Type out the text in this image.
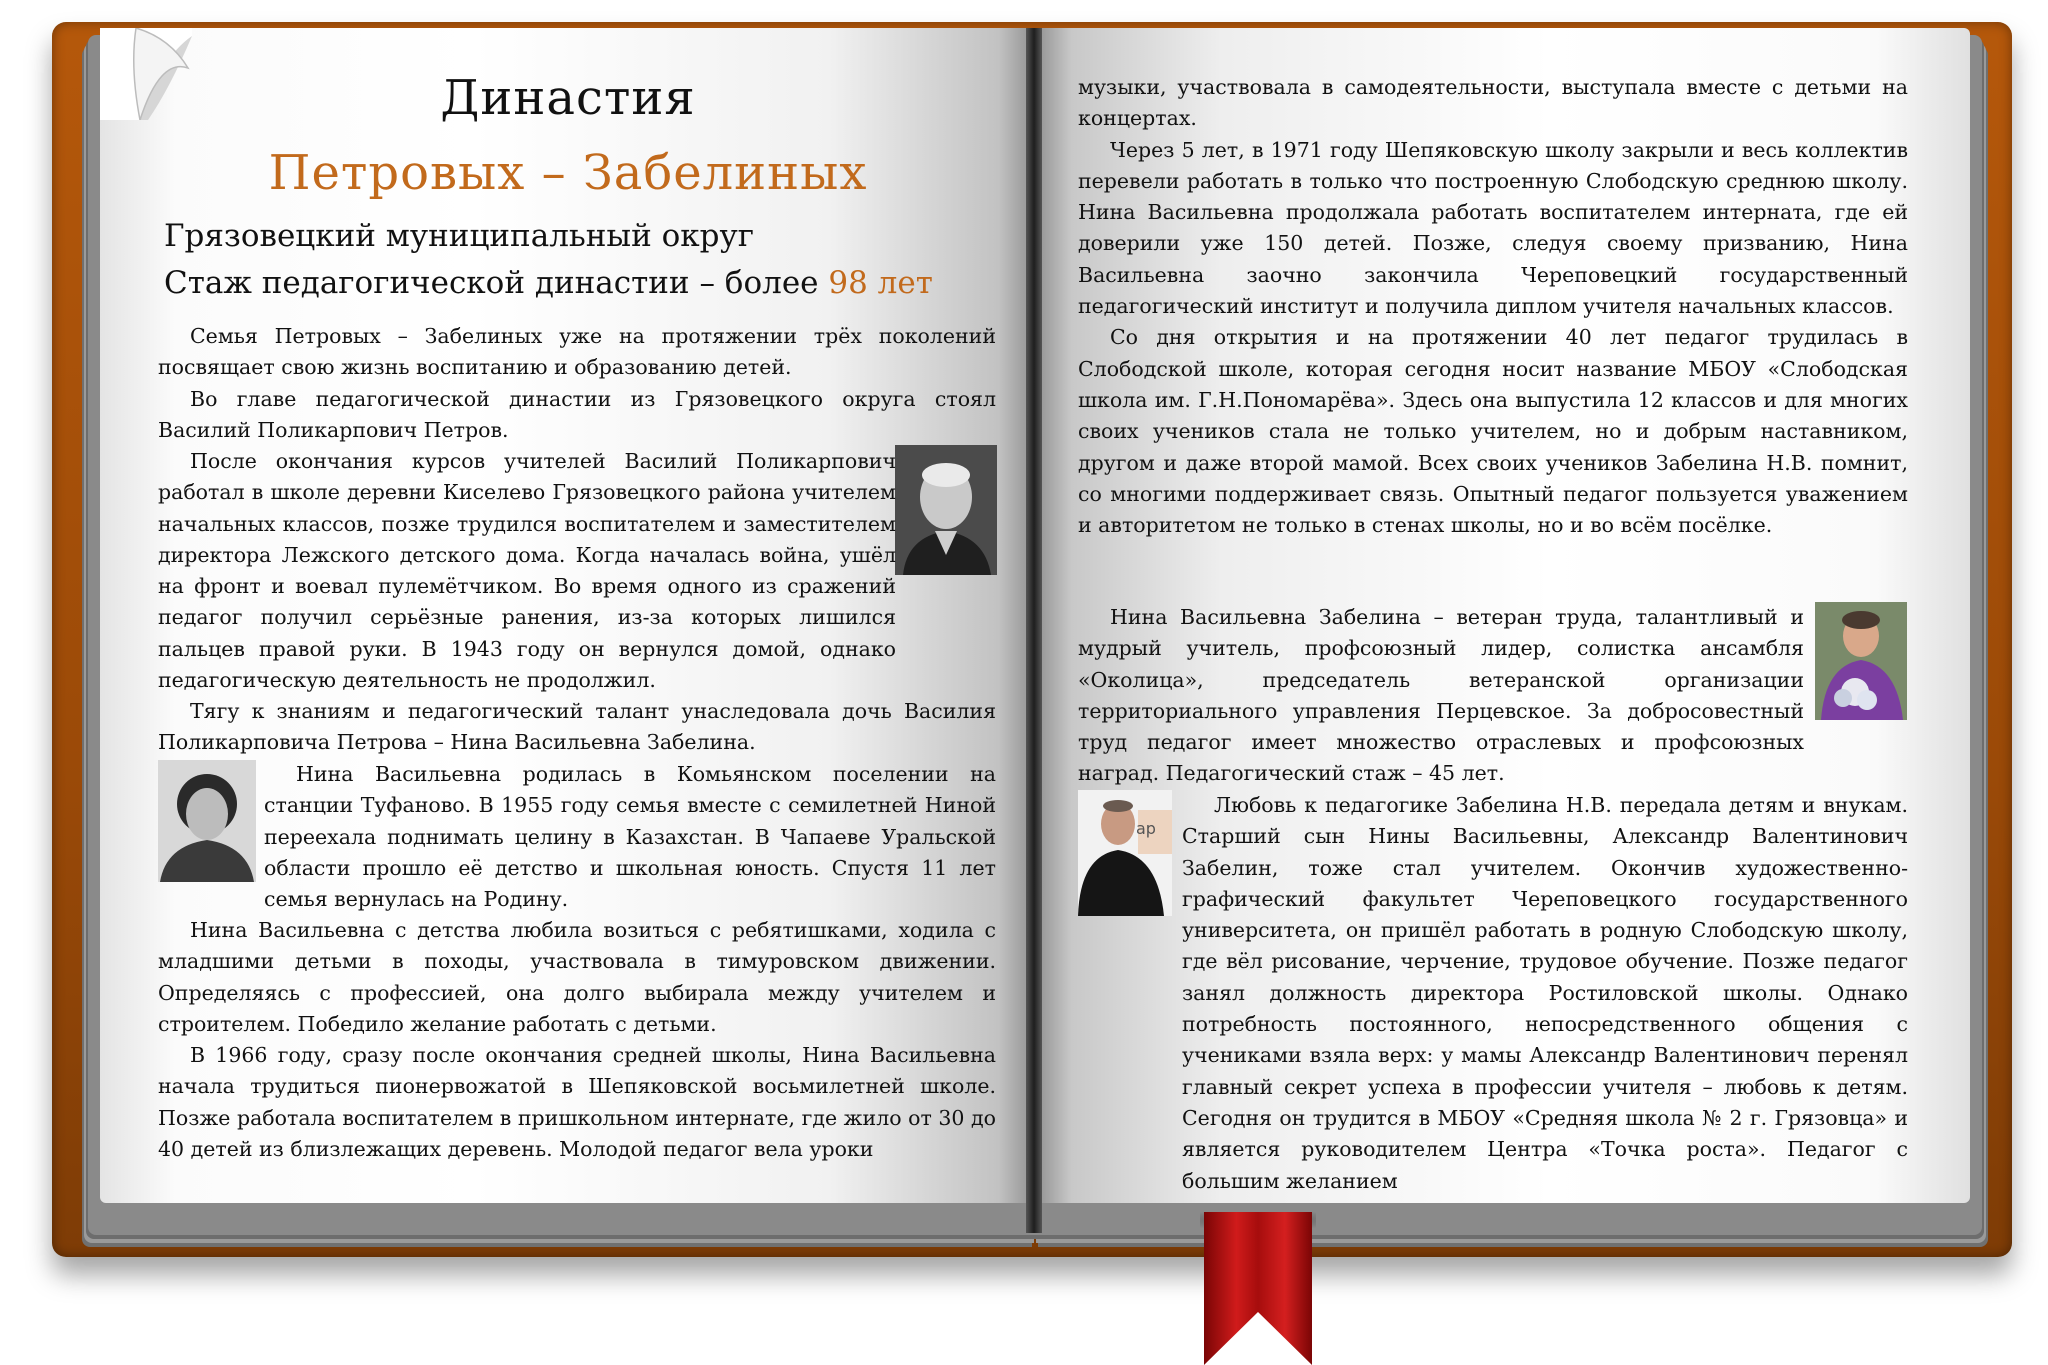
Династия
Петровых – Забелиных
Грязовецкий муниципальный округ
Стаж педагогической династии – более 98 лет
ар

Семья Петровых – Забелиных уже на протяжении трёх поколений посвящает свою жизнь воспитанию и образованию детей.

Во главе педагогической династии из Грязовецкого округа стоял Василий Поликарпович Петров.

После окончания курсов учителей Василий Поликарпович работал в школе деревни Киселево Грязовецкого района учителем начальных классов, позже трудился воспитателем и заместителем директора Лежского детского дома. Когда началась война, ушёл на фронт и воевал пулемётчиком. Во время одного из сражений педагог получил серьёзные ранения, из-за которых лишился пальцев правой руки. В 1943 году он вернулся домой, однако педагогическую деятельность не продолжил.

Тягу к знаниям и педагогический талант унаследовала дочь Василия Поликарповича Петрова – Нина Васильевна Забелина.

Нина Васильевна родилась в Комьянском поселении на станции Туфаново. В 1955 году семья вместе с семилетней Ниной переехала поднимать целину в Казахстан. В Чапаеве Уральской области прошло её детство и школьная юность. Спустя 11 лет семья вернулась на Родину.

Нина Васильевна с детства любила возиться с ребятишками, ходила с младшими детьми в походы, участвовала в тимуровском движении. Определяясь с профессией, она долго выбирала между учителем и строителем. Победило желание работать с детьми.

В 1966 году, сразу после окончания средней школы, Нина Васильевна начала трудиться пионервожатой в Шепяковской восьмилетней школе. Позже работала воспитателем в пришкольном интернате, где жило от 30 до 40 детей из близлежащих деревень. Молодой педагог вела уроки

музыки, участвовала в самодеятельности, выступала вместе с детьми на концертах.

Через 5 лет, в 1971 году Шепяковскую школу закрыли и весь коллектив перевели работать в только что построенную Слободскую среднюю школу. Нина Васильевна продолжала работать воспитателем интерната, где ей доверили уже 150 детей. Позже, следуя своему призванию, Нина Васильевна заочно закончила Череповецкий государственный педагогический институт и получила диплом учителя начальных классов.

Со дня открытия и на протяжении 40 лет педагог трудилась в Слободской школе, которая сегодня носит название МБОУ «Слободская школа им. Г.Н.Пономарёва». Здесь она выпустила 12 классов и для многих своих учеников стала не только учителем, но и добрым наставником, другом и даже второй мамой. Всех своих учеников Забелина Н.В. помнит, со многими поддерживает связь. Опытный педагог пользуется уважением и авторитетом не только в стенах школы, но и во всём посёлке.

Нина Васильевна Забелина – ветеран труда, талантливый и мудрый учитель, профсоюзный лидер, солистка ансамбля «Околица», председатель ветеранской организации территориального управления Перцевское. За добросовестный труд педагог имеет множество отраслевых и профсоюзных наград. Педагогический стаж – 45 лет.

Любовь к педагогике Забелина Н.В. передала детям и внукам. Старший сын Нины Васильевны, Александр Валентинович Забелин, тоже стал учителем. Окончив художественно-графический факультет Череповецкого государственного университета, он пришёл работать в родную Слободскую школу, где вёл рисование, черчение, трудовое обучение. Позже педагог занял должность директора Ростиловской школы. Однако потребность постоянного, непосредственного общения с учениками взяла верх: у мамы Александр Валентинович перенял главный секрет успеха в профессии учителя – любовь к детям. Сегодня он трудится в МБОУ «Средняя школа № 2 г. Грязовца» и является руководителем Центра «Точка роста». Педагог с большим желанием
